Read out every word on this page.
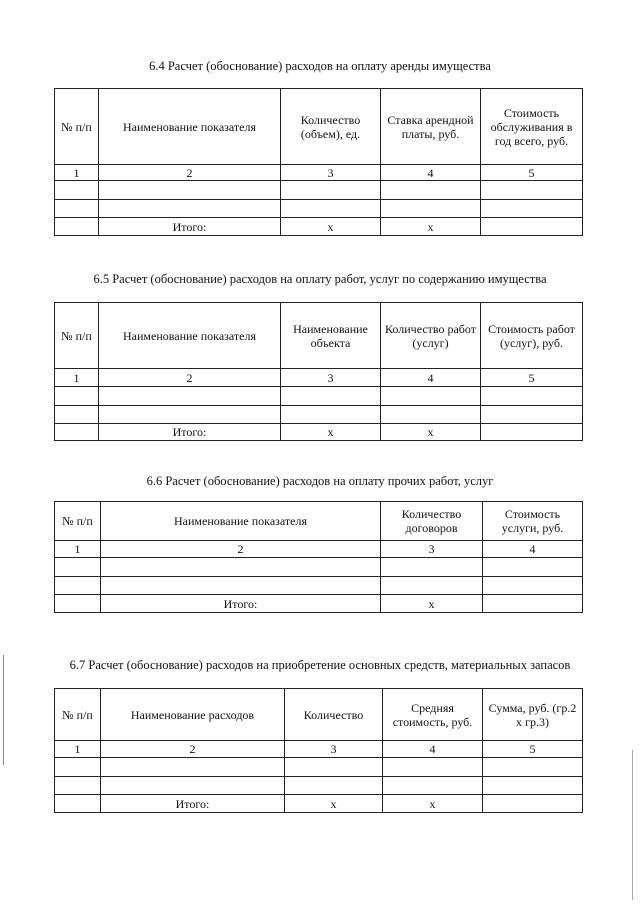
6.4 Расчет (обоснование) расходов на оплату аренды имущества
№ п/п	Наименование показателя	Количество (объем), ед.	Ставка арендной платы, руб.	Стоимость обслуживания в год всего, руб.
1	2	3	4	5

	Итого:	х	х	
6.5 Расчет (обоснование) расходов на оплату работ, услуг по содержанию имущества
№ п/п	Наименование показателя	Наименование объекта	Количество работ (услуг)	Стоимость работ (услуг), руб.
1	2	3	4	5

	Итого:	х	х	
6.6 Расчет (обоснование) расходов на оплату прочих работ, услуг
№ п/п	Наименование показателя	Количество договоров	Стоимость услуги, руб.
1	2	3	4

	Итого:	х	
6.7 Расчет (обоснование) расходов на приобретение основных средств, материальных запасов
№ п/п	Наименование расходов	Количество	Средняя стоимость, руб.	Сумма, руб. (гр.2 х гр.3)
1	2	3	4	5

	Итого:	х	х	
